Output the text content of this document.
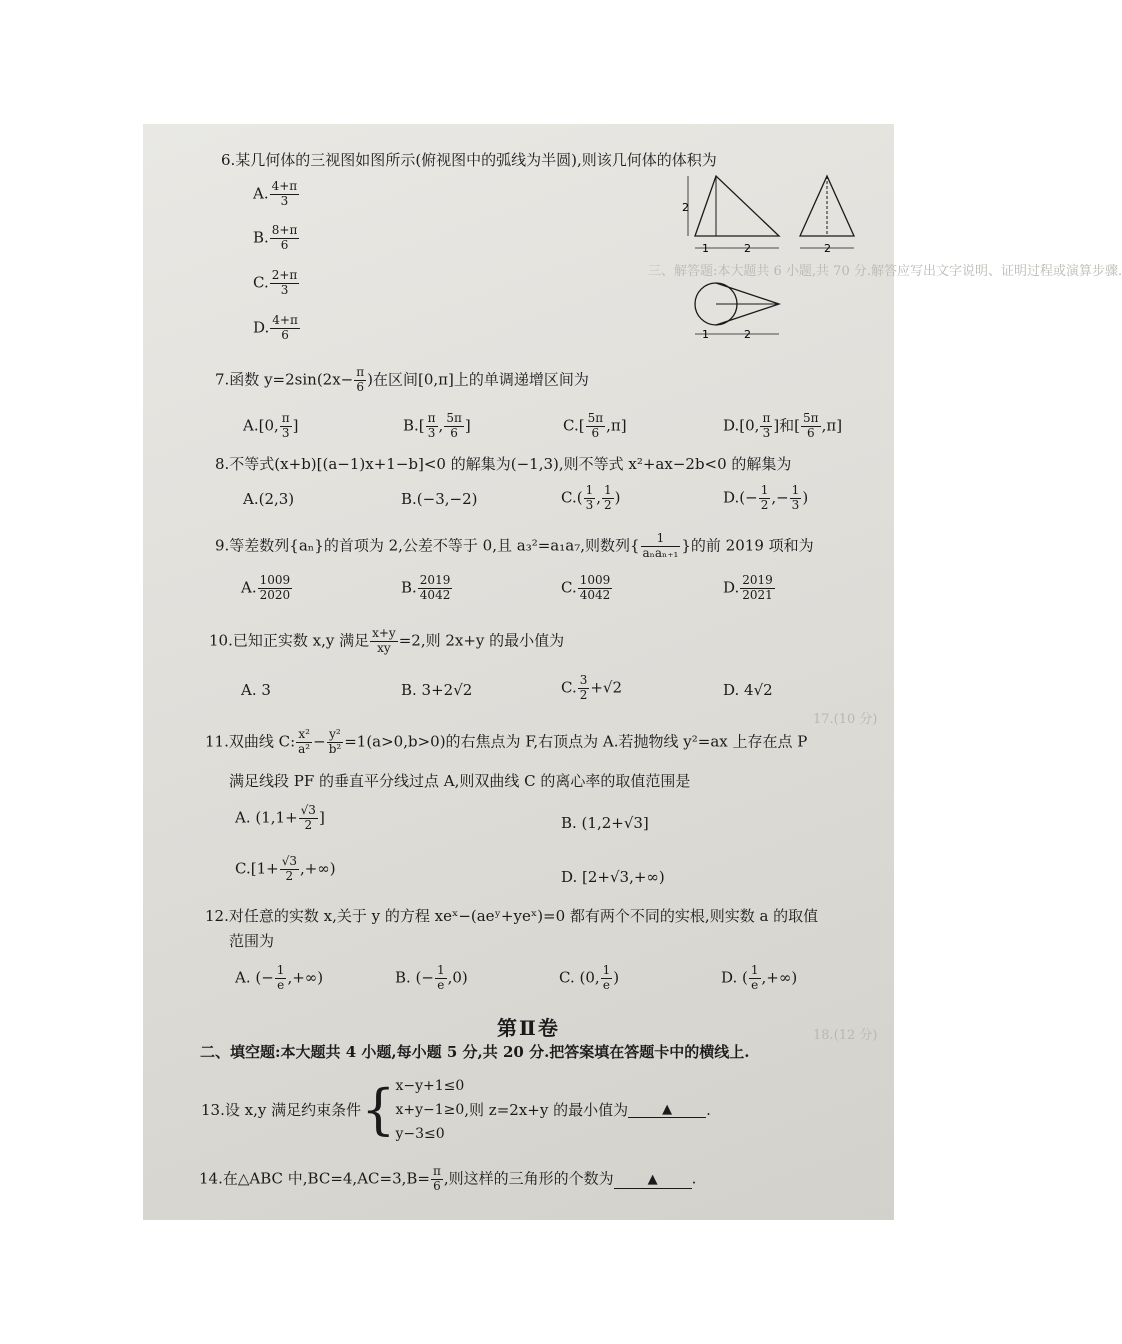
三、解答题:本大题共 6 小题,共 70 分.解答应写出文字说明、证明过程或演算步骤.
17.(10 分)
18.(12 分)
6.某几何体的三视图如图所示(俯视图中的弧线为半圆),则该几何体的体积为
A. $\frac{4+\pi}{3}$
B. $\frac{8+\pi}{6}$
C. $\frac{2+\pi}{3}$
D. $\frac{4+\pi}{6}$
2
1	2	2
1	2
7.函数 $y=2\sin(2x- \frac{\pi}{6}$ )在区间[0,π]上的单调递增区间为
A.[0, $\frac{\pi}{3}$ ]	$B.[ \frac{\pi}{3}$ , $\frac{5\pi}{6}$ ]	$C.[ \frac{5\pi}{6} ,\pi]$	D.[0, $\frac{\pi}{3}$ ]和[ $\frac{5\pi}{6} ,\pi$]
8.不等式(x+b)[(a−1)x+1−b]<0 的解集为(−1,3),则不等式 x²+ax−2b<0 的解集为
A.(2,3)	B.(−3,−2)	$C.( \frac{1}{3}$ , $\frac{1}{2}$ )	$D.(- \frac{1}{2}$ ,− $\frac{1}{3}$ )
9.等差数列{aₙ}的首项为 2,公差不等于 0,且 a₃²=a₁a₇,则数列{ $\frac{1}{\text{aₙaₙ₊₁}}$ }的前 2019 项和为
A. $\frac{1009}{2020}$	B. $\frac{2019}{4042}$	C. $\frac{1009}{4042}$	D. $\frac{2019}{2021}$
10.已知正实数 x,y 满足 $\frac{x+y}{xy} =2$,则 2x+y 的最小值为
A. 3	B. 3+2√2	C. $\frac{3}{2} +√2$	D. 4√2
11.双曲线 C: $\frac{\text{x²}}{\text{a²}} - \frac{\text{y²}}{\text{b²}} =1(a>0,b>0)$的右焦点为 F,右顶点为 A.若抛物线 y²=ax 上存在点 P
满足线段 PF 的垂直平分线过点 A,则双曲线 C 的离心率的取值范围是
A. ($1,1+ \frac{√3}{2}$ ]	B. (1,2+√3]
$C.[1+ \frac{√3}{2}$ ,+∞)	D. [2+√3,+∞)
12.对任意的实数 x,关于 y 的方程 xeˣ−(aeʸ+yeˣ)=0 都有两个不同的实根,则实数 a 的取值
范围为
A. (− $\frac{1}{e}$ ,+∞)	B. (− $\frac{1}{e} ,0$)	C. (0, $\frac{1}{e}$ )	D. ( $\frac{1}{e}$ ,+∞)
第Ⅱ卷
二、填空题:本大题共 4 小题,每小题 5 分,共 20 分.把答案填在答题卡中的横线上.
13.设 x,y 满足约束条件{ x−y+1≤0
x+y−1≥0
y−3≤0
,则 z=2x+y 的最小值为	▲ .
14.在△ABC 中$,BC=4,AC=3,B= \frac{\pi}{6}$ ,则这样的三角形的个数为	▲ .
